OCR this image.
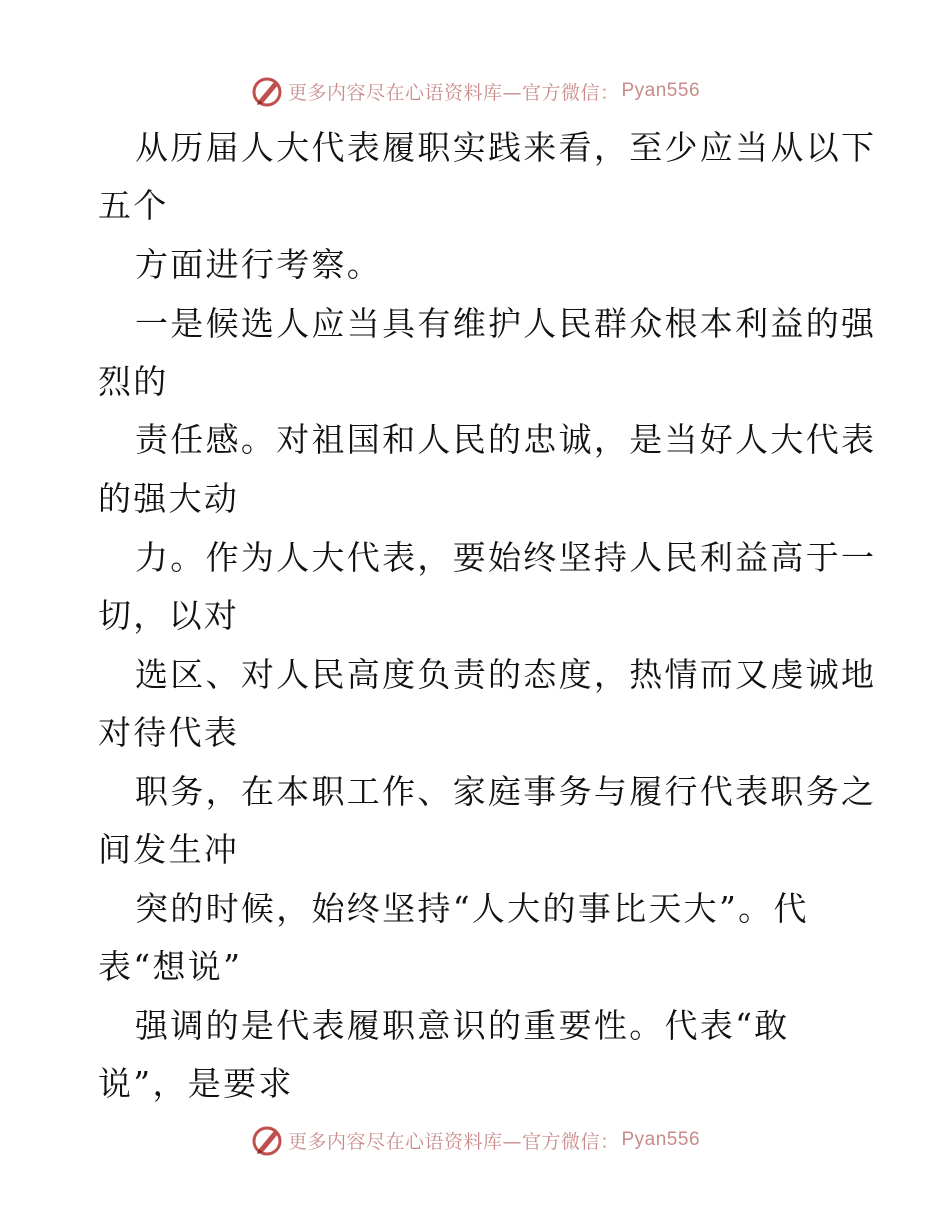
更多内容尽在心语资料库—官方微信： Pyan556
从历届人大代表履职实践来看，至少应当从以下
五个
方面进行考察。
一是候选人应当具有维护人民群众根本利益的强
烈的
责任感。对祖国和人民的忠诚，是当好人大代表
的强大动
力。作为人大代表，要始终坚持人民利益高于一
切，以对
选区、对人民高度负责的态度，热情而又虔诚地
对待代表
职务，在本职工作、家庭事务与履行代表职务之
间发生冲
突的时候，始终坚持“人大的事比天大”。代
表“想说”
强调的是代表履职意识的重要性。代表“敢
说”，是要求
更多内容尽在心语资料库—官方微信： Pyan556
